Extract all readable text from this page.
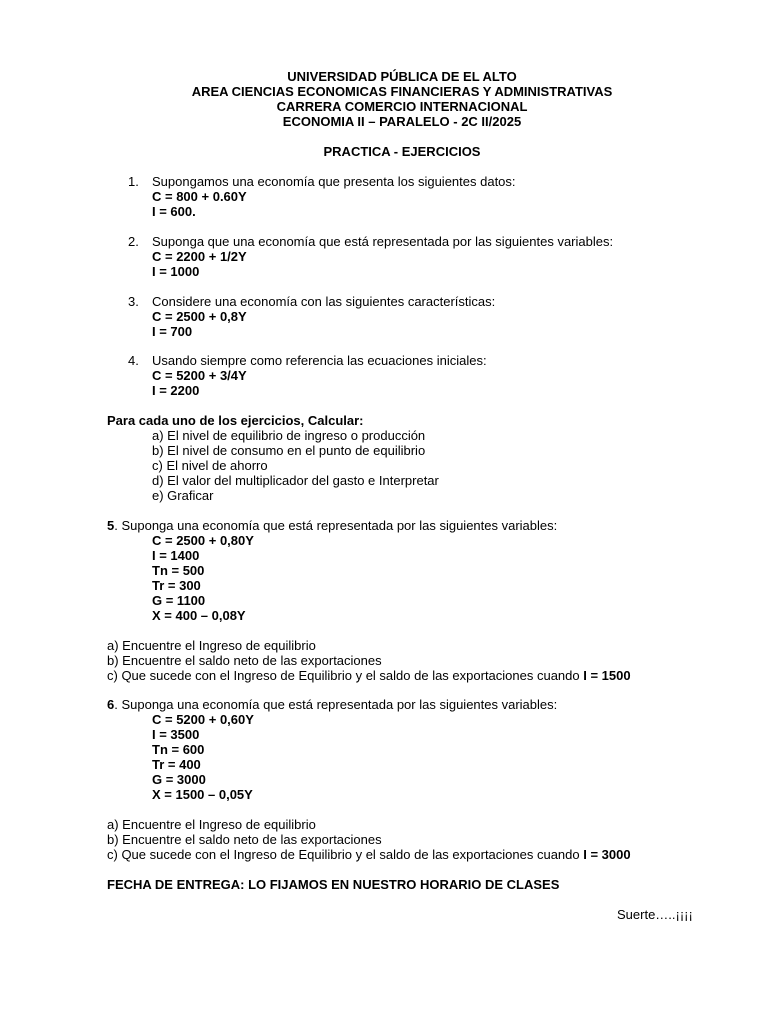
UNIVERSIDAD PÚBLICA DE EL ALTO
AREA CIENCIAS ECONOMICAS FINANCIERAS Y ADMINISTRATIVAS
CARRERA COMERCIO INTERNACIONAL
ECONOMIA II – PARALELO - 2C II/2025
PRACTICA - EJERCICIOS
1. Supongamos una economía que presenta los siguientes datos:
C = 800 + 0.60Y
I = 600.
2. Suponga que una economía que está representada por las siguientes variables:
C = 2200 + 1/2Y
I = 1000
3. Considere una economía con las siguientes características:
C = 2500 + 0,8Y
I = 700
4. Usando siempre como referencia las ecuaciones iniciales:
C = 5200 + 3/4Y
I = 2200
Para cada uno de los ejercicios, Calcular:
a) El nivel de equilibrio de ingreso o producción
b) El nivel de consumo en el punto de equilibrio
c) El nivel de ahorro
d) El valor del multiplicador del gasto e Interpretar
e) Graficar
5. Suponga una economía que está representada por las siguientes variables:
C = 2500 + 0,80Y
I = 1400
Tn = 500
Tr = 300
G = 1100
X = 400 – 0,08Y
a) Encuentre el Ingreso de equilibrio
b) Encuentre el saldo neto de las exportaciones
c) Que sucede con el Ingreso de Equilibrio y el saldo de las exportaciones cuando I = 1500
6. Suponga una economía que está representada por las siguientes variables:
C = 5200 + 0,60Y
I = 3500
Tn = 600
Tr = 400
G = 3000
X = 1500 – 0,05Y
a) Encuentre el Ingreso de equilibrio
b) Encuentre el saldo neto de las exportaciones
c) Que sucede con el Ingreso de Equilibrio y el saldo de las exportaciones cuando I = 3000
FECHA DE ENTREGA: LO FIJAMOS EN NUESTRO HORARIO DE CLASES
Suerte…..¡¡¡¡
